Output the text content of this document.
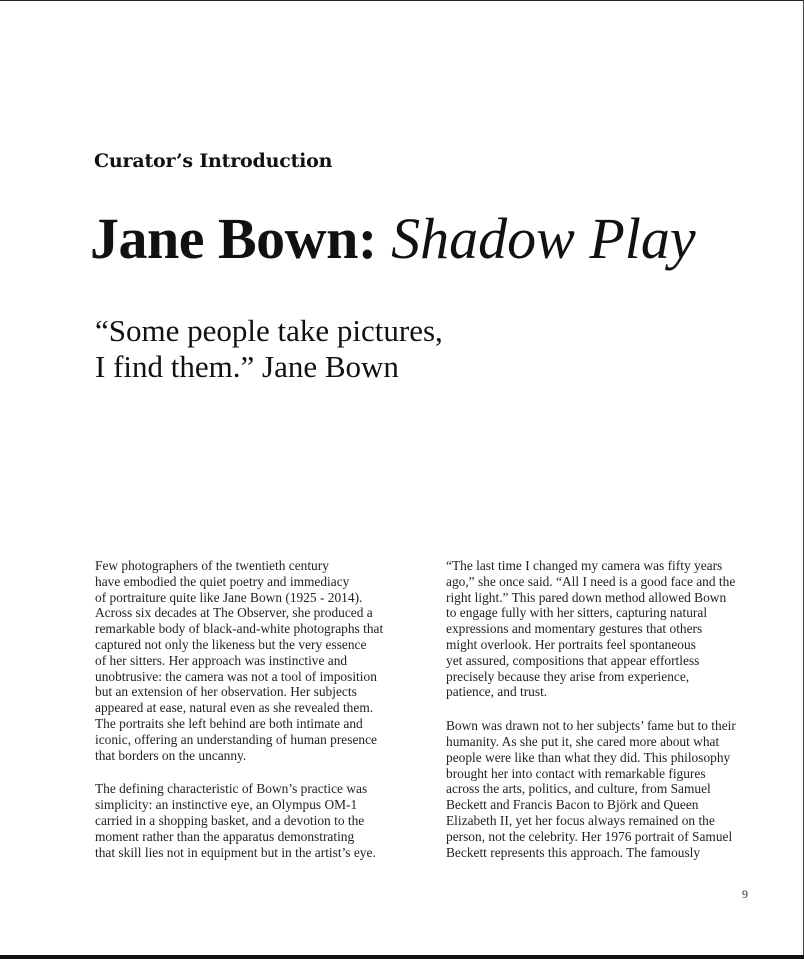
Curator’s Introduction
Jane Bown: Shadow Play
“Some people take pictures,
I find them.” Jane Bown

Few photographers of the twentieth century
have embodied the quiet poetry and immediacy
of portraiture quite like Jane Bown (1925 - 2014).
Across six decades at The Observer, she produced a
remarkable body of black-and-white photographs that
captured not only the likeness but the very essence
of her sitters. Her approach was instinctive and
unobtrusive: the camera was not a tool of imposition
but an extension of her observation. Her subjects
appeared at ease, natural even as she revealed them.
The portraits she left behind are both intimate and
iconic, offering an understanding of human presence
that borders on the uncanny.

The defining characteristic of Bown’s practice was
simplicity: an instinctive eye, an Olympus OM-1
carried in a shopping basket, and a devotion to the
moment rather than the apparatus demonstrating
that skill lies not in equipment but in the artist’s eye.

“The last time I changed my camera was fifty years
ago,” she once said. “All I need is a good face and the
right light.” This pared down method allowed Bown
to engage fully with her sitters, capturing natural
expressions and momentary gestures that others
might overlook. Her portraits feel spontaneous
yet assured, compositions that appear effortless
precisely because they arise from experience,
patience, and trust.

Bown was drawn not to her subjects’ fame but to their
humanity. As she put it, she cared more about what
people were like than what they did. This philosophy
brought her into contact with remarkable figures
across the arts, politics, and culture, from Samuel
Beckett and Francis Bacon to Björk and Queen
Elizabeth II, yet her focus always remained on the
person, not the celebrity. Her 1976 portrait of Samuel
Beckett represents this approach. The famously

9
